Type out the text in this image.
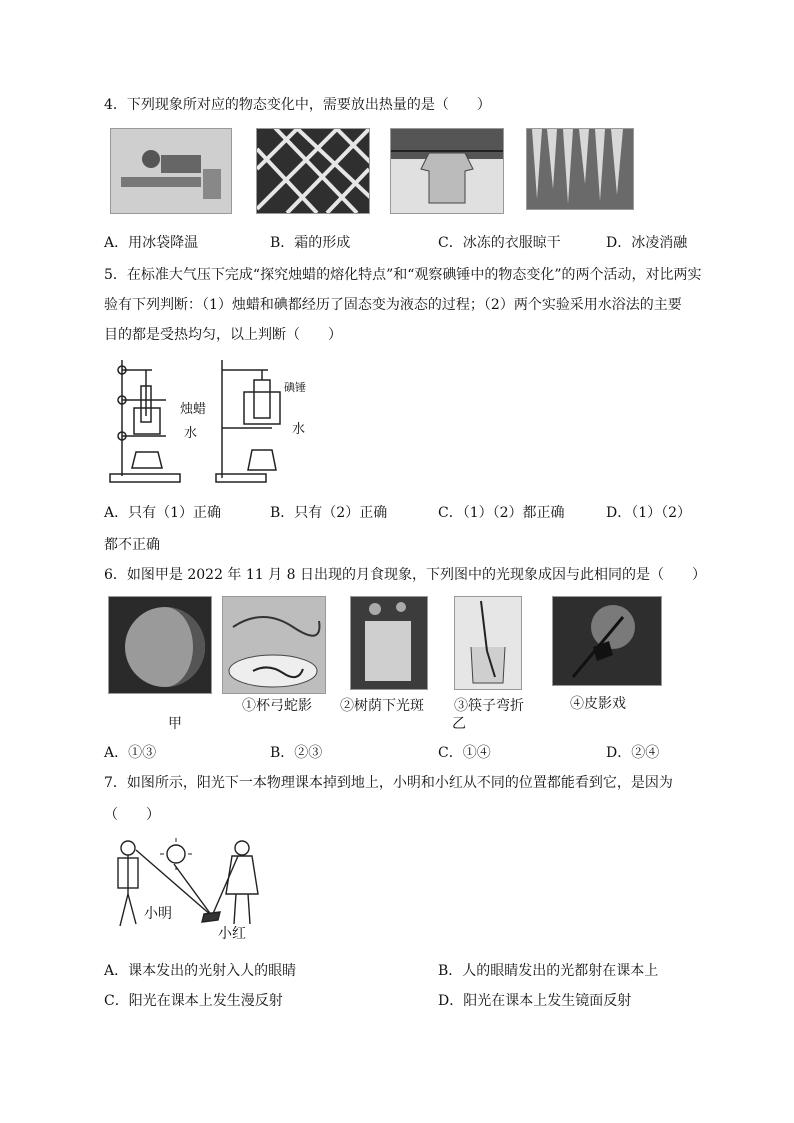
4．下列现象所对应的物态变化中，需要放出热量的是（　　）
A．用冰袋降温	B．霜的形成	C．冰冻的衣服晾干	D．冰凌消融
5．在标准大气压下完成“探究烛蜡的熔化特点”和“观察碘锤中的物态变化”的两个活动，对比两实
验有下列判断：（1）烛蜡和碘都经历了固态变为液态的过程；（2）两个实验采用水浴法的主要
目的都是受热均匀，以上判断（　　）
烛蜡
水
碘锤
水
A．只有（1）正确	B．只有（2）正确	C．（1）（2）都正确	D．（1）（2）
都不正确
6．如图甲是 2022 年 11 月 8 日出现的月食现象，下列图中的光现象成因与此相同的是（　　）
①杯弓蛇影 ②树荫下光斑 ③筷子弯折	④皮影戏
甲	乙
A．①③	B．②③	C．①④	D．②④
7．如图所示，阳光下一本物理课本掉到地上，小明和小红从不同的位置都能看到它，是因为
（　　）
小明
小红
A．课本发出的光射入人的眼睛	B．人的眼睛发出的光都射在课本上
C．阳光在课本上发生漫反射	D．阳光在课本上发生镜面反射
